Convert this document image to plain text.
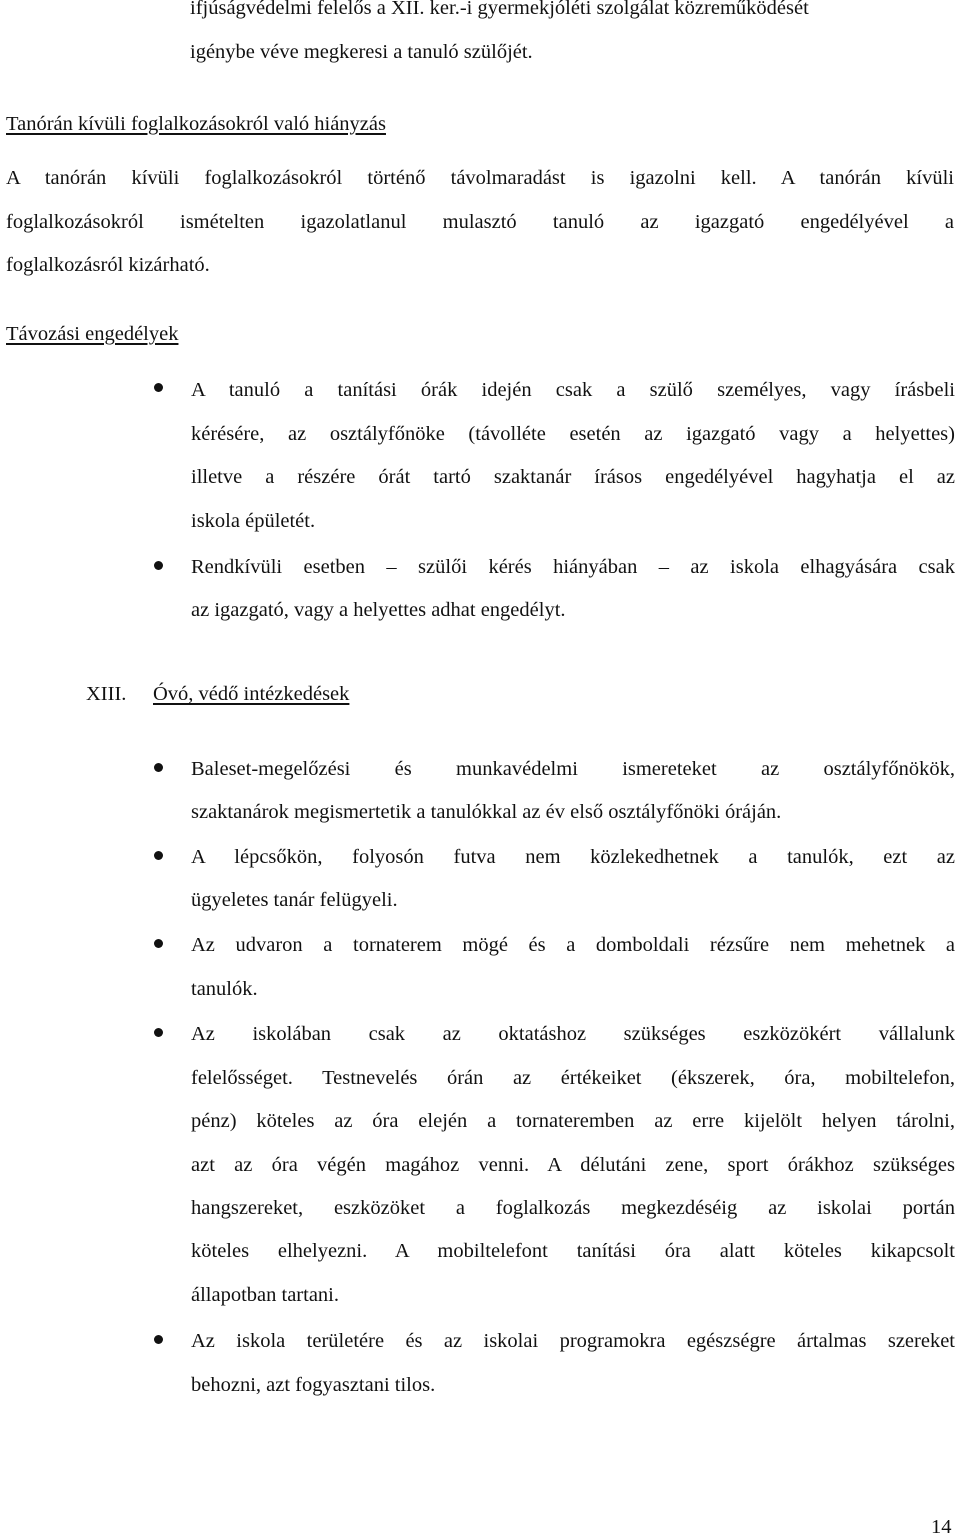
ifjúságvédelmi felelős a XII. ker.-i gyermekjóléti szolgálat közreműködését
igénybe véve megkeresi a tanuló szülőjét.
Tanórán kívüli foglalkozásokról való hiányzás
A tanórán kívüli foglalkozásokról történő távolmaradást is igazolni kell. A tanórán kívüli
foglalkozásokról ismételten igazolatlanul mulasztó tanuló az igazgató engedélyével a
foglalkozásról kizárható.
Távozási engedélyek
A tanuló a tanítási órák idején csak a szülő személyes, vagy írásbeli
kérésére, az osztályfőnöke (távolléte esetén az igazgató vagy a helyettes)
illetve a részére órát tartó szaktanár írásos engedélyével hagyhatja el az
iskola épületét.
Rendkívüli esetben – szülői kérés hiányában – az iskola elhagyására csak
az igazgató, vagy a helyettes adhat engedélyt.
XIII. Óvó, védő intézkedések
Baleset-megelőzési és munkavédelmi ismereteket az osztályfőnökök,
szaktanárok megismertetik a tanulókkal az év első osztályfőnöki óráján.
A lépcsőkön, folyosón futva nem közlekedhetnek a tanulók, ezt az
ügyeletes tanár felügyeli.
Az udvaron a tornaterem mögé és a domboldali rézsűre nem mehetnek a
tanulók.
Az iskolában csak az oktatáshoz szükséges eszközökért vállalunk
felelősséget. Testnevelés órán az értékeiket (ékszerek, óra, mobiltelefon,
pénz) köteles az óra elején a tornateremben az erre kijelölt helyen tárolni,
azt az óra végén magához venni. A délutáni zene, sport órákhoz szükséges
hangszereket, eszközöket a foglalkozás megkezdéséig az iskolai portán
köteles elhelyezni. A mobiltelefont tanítási óra alatt köteles kikapcsolt
állapotban tartani.
Az iskola területére és az iskolai programokra egészségre ártalmas szereket
behozni, azt fogyasztani tilos.
14
